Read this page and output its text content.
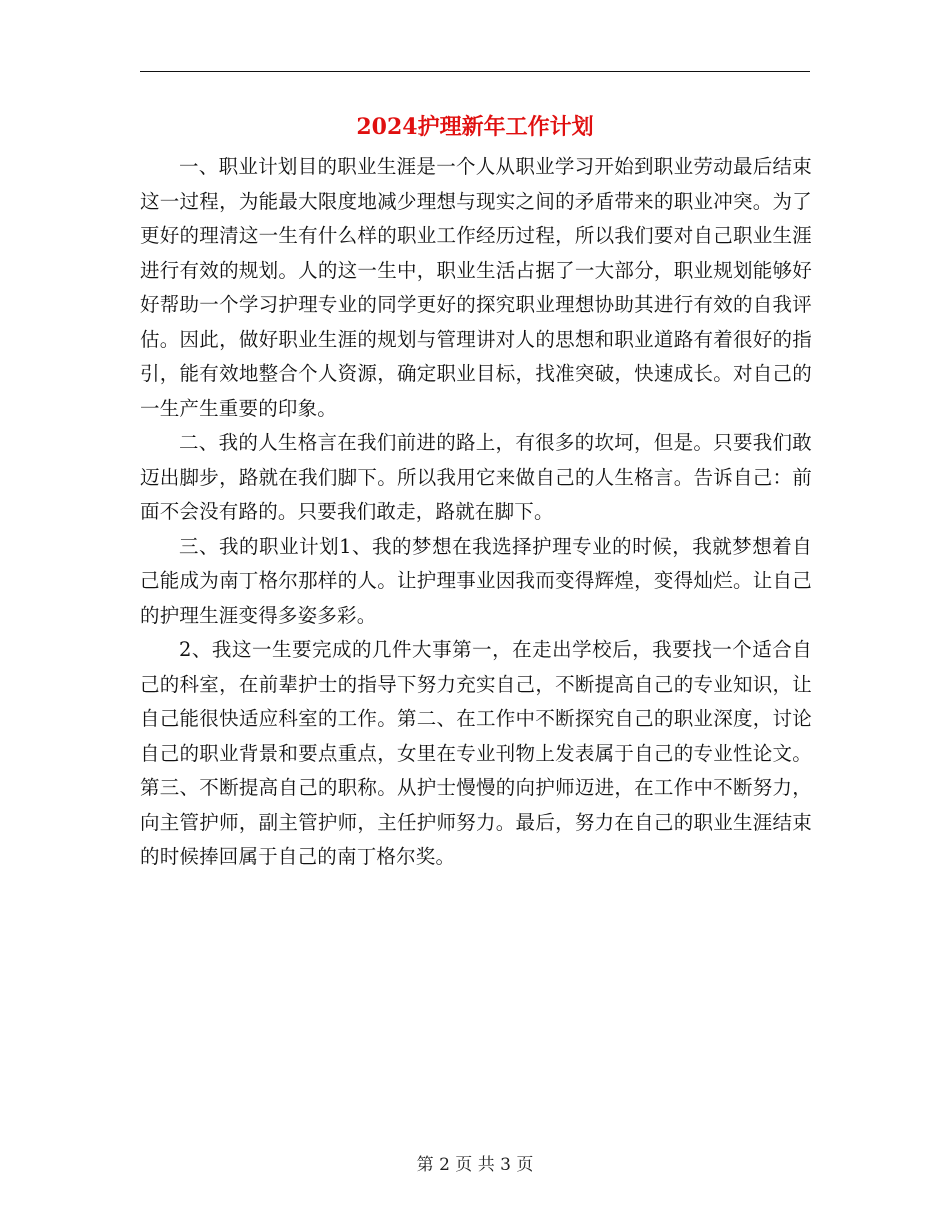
2024护理新年工作计划

一、职业计划目的职业生涯是一个人从职业学习开始到职业劳动最后结束这一过程，为能最大限度地减少理想与现实之间的矛盾带来的职业冲突。为了更好的理清这一生有什么样的职业工作经历过程，所以我们要对自己职业生涯进行有效的规划。人的这一生中，职业生活占据了一大部分，职业规划能够好好帮助一个学习护理专业的同学更好的探究职业理想协助其进行有效的自我评估。因此，做好职业生涯的规划与管理讲对人的思想和职业道路有着很好的指引，能有效地整合个人资源，确定职业目标，找准突破，快速成长。对自己的一生产生重要的印象。

二、我的人生格言在我们前进的路上，有很多的坎坷，但是。只要我们敢迈出脚步，路就在我们脚下。所以我用它来做自己的人生格言。告诉自己：前面不会没有路的。只要我们敢走，路就在脚下。

三、我的职业计划1、我的梦想在我选择护理专业的时候，我就梦想着自己能成为南丁格尔那样的人。让护理事业因我而变得辉煌，变得灿烂。让自己的护理生涯变得多姿多彩。

2、我这一生要完成的几件大事第一，在走出学校后，我要找一个适合自己的科室，在前辈护士的指导下努力充实自己，不断提高自己的专业知识，让自己能很快适应科室的工作。第二、在工作中不断探究自己的职业深度，讨论自己的职业背景和要点重点，女里在专业刊物上发表属于自己的专业性论文。第三、不断提高自己的职称。从护士慢慢的向护师迈进，在工作中不断努力，向主管护师，副主管护师，主任护师努力。最后，努力在自己的职业生涯结束的时候捧回属于自己的南丁格尔奖。

第 2 页 共 3 页
